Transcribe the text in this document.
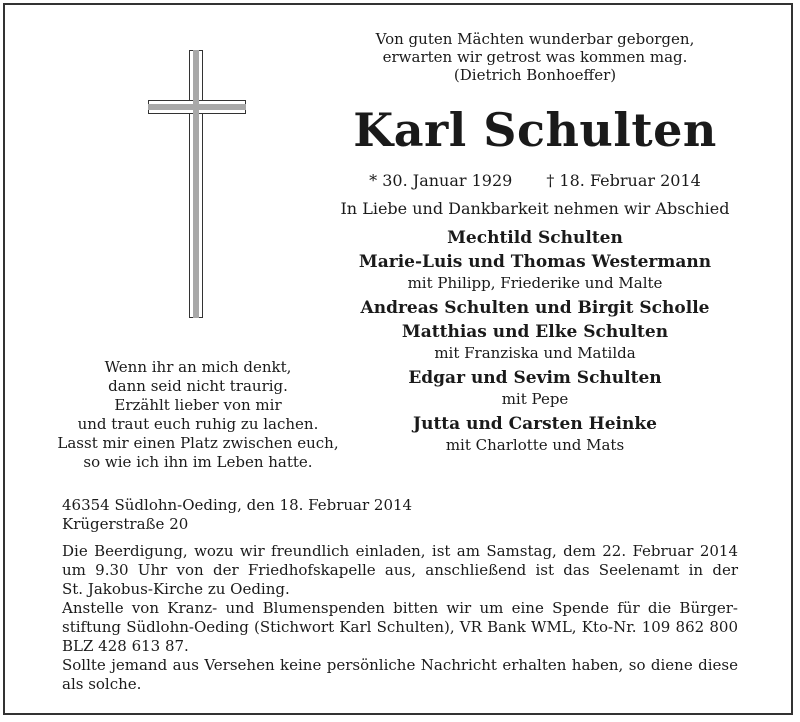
Von guten Mächten wunderbar geborgen,
erwarten wir getrost was kommen mag.
(Dietrich Bonhoeffer)
Karl Schulten
* 30. Januar 1929 † 18. Februar 2014
In Liebe und Dankbarkeit nehmen wir Abschied
Mechtild Schulten
Marie-Luis und Thomas Westermann
mit Philipp, Friederike und Malte
Andreas Schulten und Birgit Scholle
Matthias und Elke Schulten
mit Franziska und Matilda
Edgar und Sevim Schulten
mit Pepe
Jutta und Carsten Heinke
mit Charlotte und Mats
Wenn ihr an mich denkt,
dann seid nicht traurig.
Erzählt lieber von mir
und traut euch ruhig zu lachen.
Lasst mir einen Platz zwischen euch,
so wie ich ihn im Leben hatte.
46354 Südlohn-Oeding, den 18. Februar 2014
Krügerstraße 20

Die Beerdigung, wozu wir freundlich einladen, ist am Samstag, dem 22. Februar 2014
um 9.30 Uhr von der Friedhofskapelle aus, anschließend ist das Seelenamt in der
St. Jakobus-Kirche zu Oeding.

Anstelle von Kranz- und Blumenspenden bitten wir um eine Spende für die Bürger-
stiftung Südlohn-Oeding (Stichwort Karl Schulten), VR Bank WML, Kto-Nr. 109 862 800
BLZ 428 613 87.

Sollte jemand aus Versehen keine persönliche Nachricht erhalten haben, so diene diese
als solche.
